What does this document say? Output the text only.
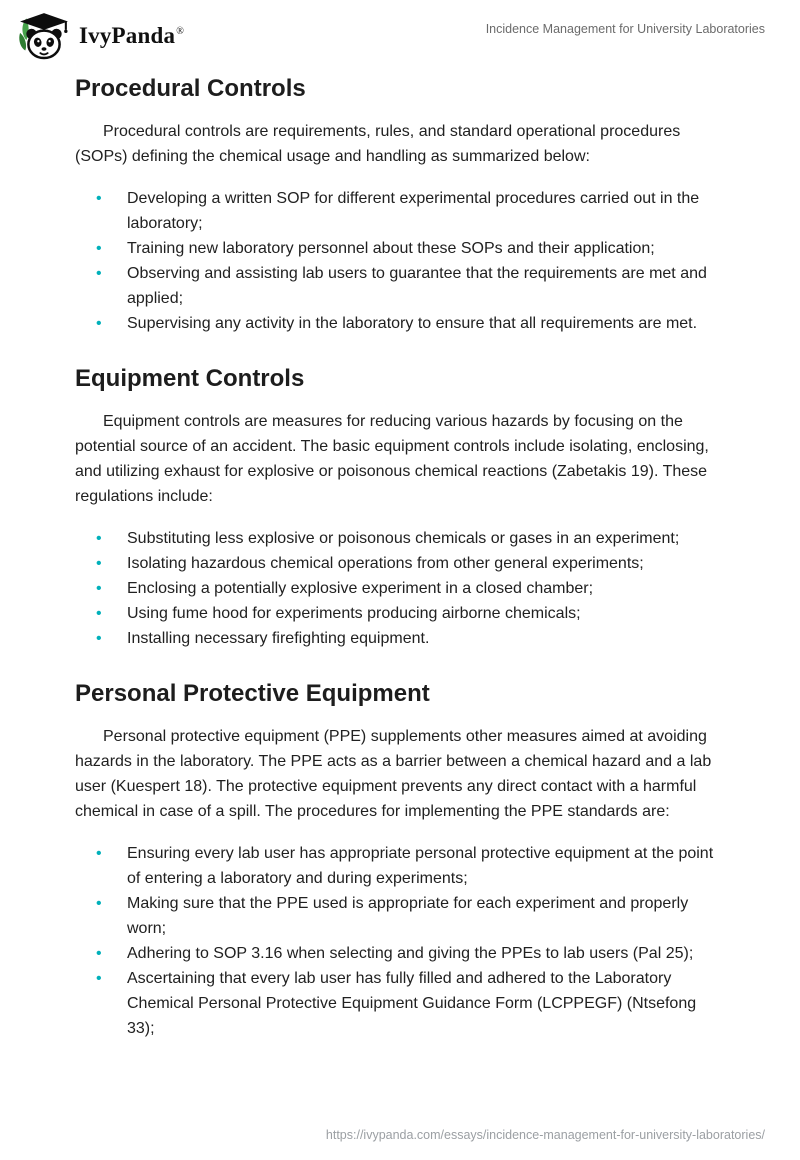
IvyPanda®	Incidence Management for University Laboratories
Procedural Controls

Procedural controls are requirements, rules, and standard operational procedures (SOPs) defining the chemical usage and handling as summarized below:

•	Developing a written SOP for different experimental procedures carried out in the laboratory;
•	Training new laboratory personnel about these SOPs and their application;
•	Observing and assisting lab users to guarantee that the requirements are met and applied;
•	Supervising any activity in the laboratory to ensure that all requirements are met.
Equipment Controls

Equipment controls are measures for reducing various hazards by focusing on the potential source of an accident. The basic equipment controls include isolating, enclosing, and utilizing exhaust for explosive or poisonous chemical reactions (Zabetakis 19). These regulations include:

•	Substituting less explosive or poisonous chemicals or gases in an experiment;
•	Isolating hazardous chemical operations from other general experiments;
•	Enclosing a potentially explosive experiment in a closed chamber;
•	Using fume hood for experiments producing airborne chemicals;
•	Installing necessary firefighting equipment.
Personal Protective Equipment

Personal protective equipment (PPE) supplements other measures aimed at avoiding hazards in the laboratory. The PPE acts as a barrier between a chemical hazard and a lab user (Kuespert 18). The protective equipment prevents any direct contact with a harmful chemical in case of a spill. The procedures for implementing the PPE standards are:

•	Ensuring every lab user has appropriate personal protective equipment at the point of entering a laboratory and during experiments;
•	Making sure that the PPE used is appropriate for each experiment and properly worn;
•	Adhering to SOP 3.16 when selecting and giving the PPEs to lab users (Pal 25);
•	Ascertaining that every lab user has fully filled and adhered to the Laboratory Chemical Personal Protective Equipment Guidance Form (LCPPEGF) (Ntsefong 33);
https://ivypanda.com/essays/incidence-management-for-university-laboratories/
